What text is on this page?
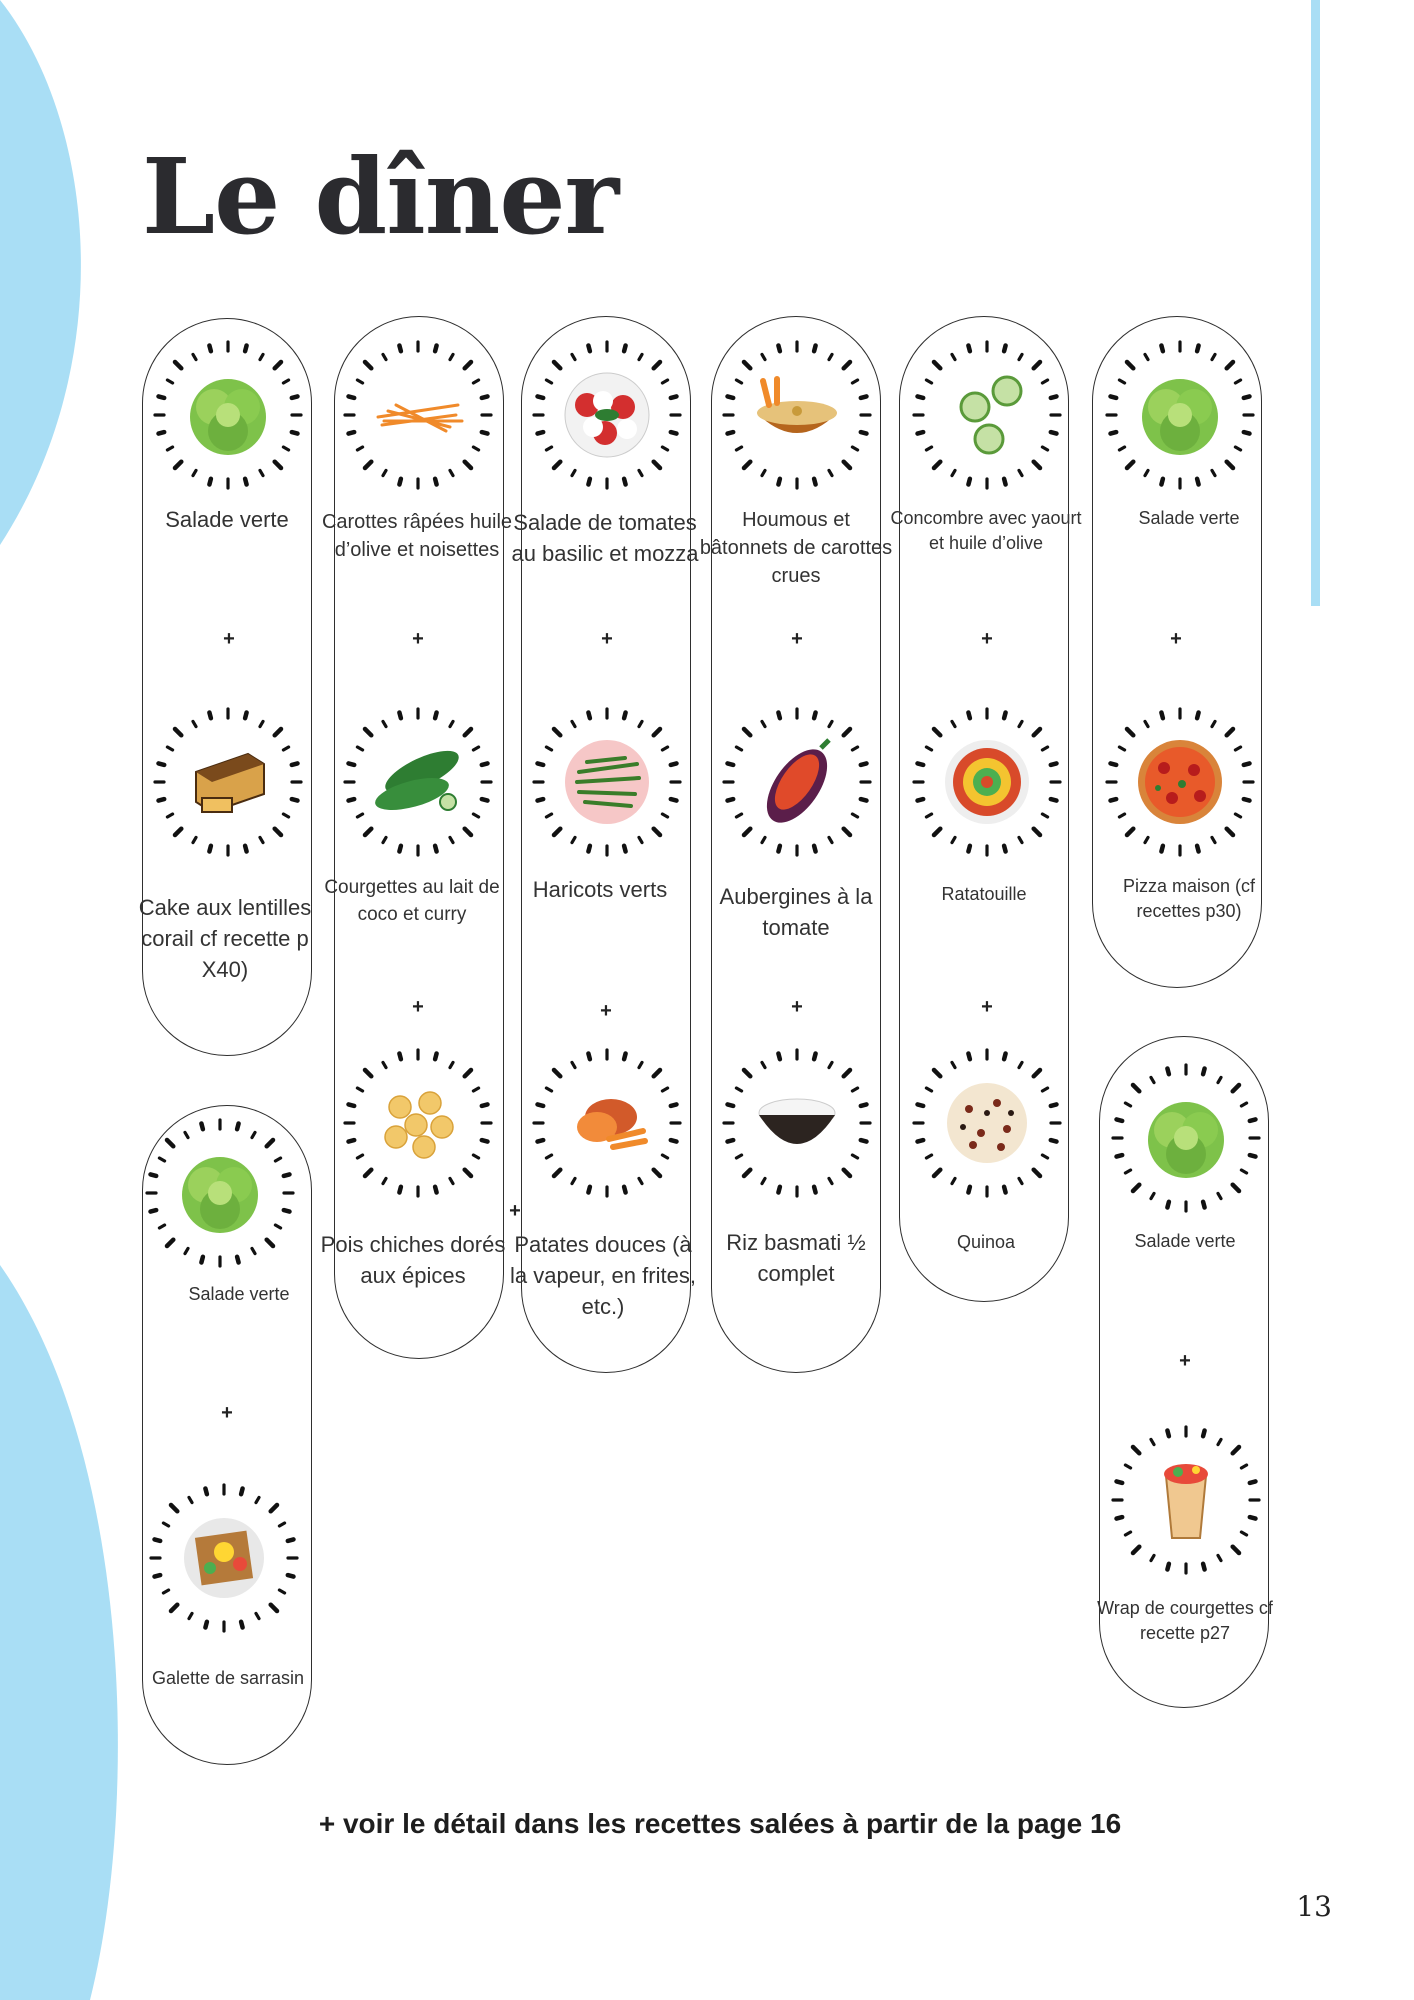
Le dîner
Salade verte
Cake aux lentilles corail cf recette p X40)
+
Salade verte
Galette de sarrasin
+
Carottes râpées huile d’olive et noisettes
Courgettes au lait de coco et curry
Pois chiches dorés aux épices
+
+
Salade de tomates au basilic et mozza
Haricots verts
Patates douces (à la vapeur, en frites, etc.)
+
+
Houmous et bâtonnets de carottes crues
Aubergines à la tomate
Riz basmati ½ complet
+
+
Concombre avec yaourt et huile d’olive
Ratatouille
Quinoa
+
+
Salade verte
Pizza maison (cf recettes p30)
+
Salade verte
Wrap de courgettes cf recette p27
+
+
+ voir le détail dans les recettes salées à partir de la page 16
13
